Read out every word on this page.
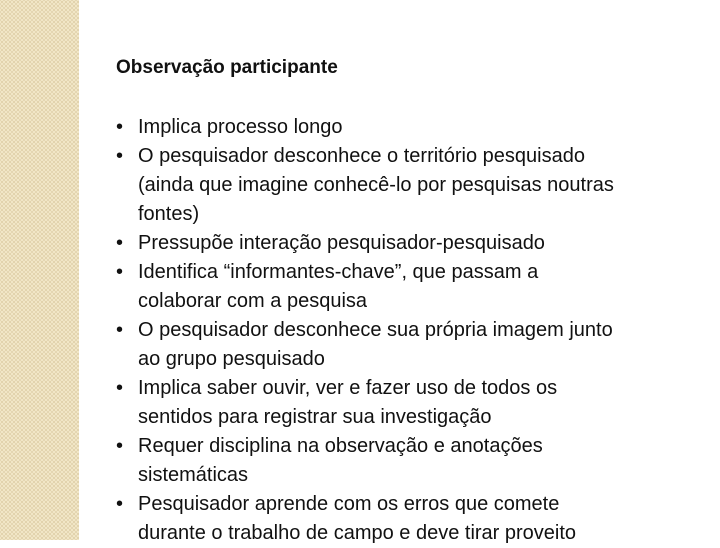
Observação participante
• Implica processo longo
• O pesquisador desconhece o território pesquisado
(ainda que imagine conhecê-lo por pesquisas noutras
fontes)
• Pressupõe interação pesquisador-pesquisado
• Identifica “informantes-chave”, que passam a
colaborar com a pesquisa
• O pesquisador desconhece sua própria imagem junto
ao grupo pesquisado
• Implica saber ouvir, ver e fazer uso de todos os
sentidos para registrar sua investigação
• Requer disciplina na observação e anotações
sistemáticas
• Pesquisador aprende com os erros que comete
durante o trabalho de campo e deve tirar proveito
